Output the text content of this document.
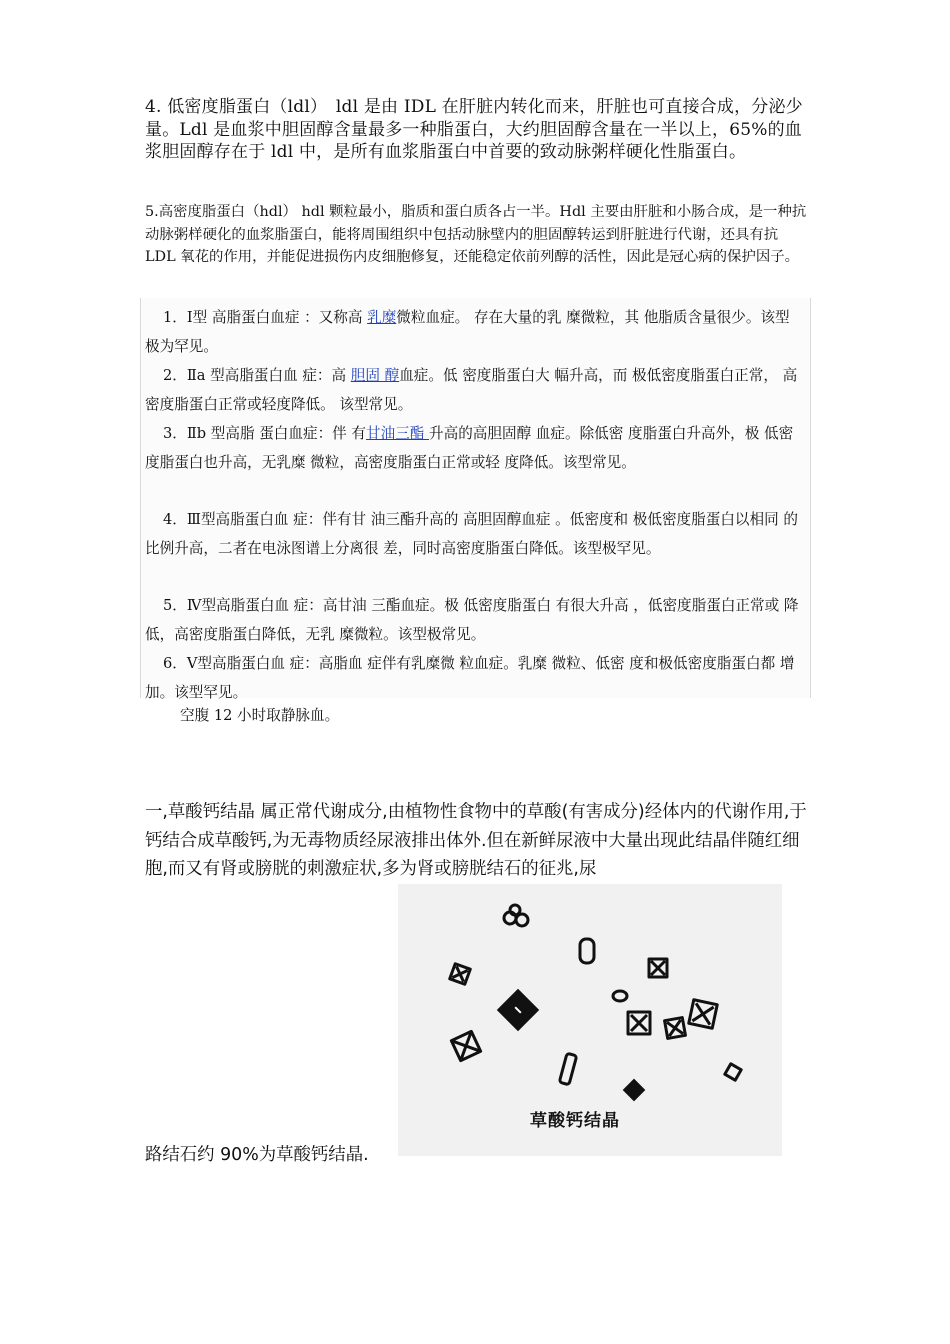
4. 低密度脂蛋白（ldl）　ldl 是由 IDL 在肝脏内转化而来，肝脏也可直接合成，分泌少量。Ldl 是血浆中胆固醇含量最多一种脂蛋白，大约胆固醇含量在一半以上，65%的血浆胆固醇存在于 ldl 中，是所有血浆脂蛋白中首要的致动脉粥样硬化性脂蛋白。
5.高密度脂蛋白（hdl） hdl 颗粒最小，脂质和蛋白质各占一半。Hdl 主要由肝脏和小肠合成，是一种抗动脉粥样硬化的血浆脂蛋白，能将周围组织中包括动脉壁内的胆固醇转运到肝脏进行代谢，还具有抗 LDL 氧花的作用，并能促进损伤内皮细胞修复，还能稳定依前列醇的活性，因此是冠心病的保护因子。
1．Ⅰ型 高脂蛋白血症 ：又称高 乳糜微粒血症。 存在大量的乳 糜微粒，其 他脂质含量很少。该型 极为罕见。
2．Ⅱa 型高脂蛋白血 症：高 胆固 醇血症。低 密度脂蛋白大 幅升高，而 极低密度脂蛋白正常， 高密度脂蛋白正常或轻度降低。 该型常见。
3．Ⅱb 型高脂 蛋白血症：伴 有甘油三酯 升高的高胆固醇 血症。除低密 度脂蛋白升高外，极 低密度脂蛋白也升高，无乳糜 微粒，高密度脂蛋白正常或轻 度降低。该型常见。
4．Ⅲ型高脂蛋白血 症：伴有甘 油三酯升高的 高胆固醇血症 。低密度和 极低密度脂蛋白以相同 的比例升高，二者在电泳图谱上分离很 差，同时高密度脂蛋白降低。该型极罕见。
5．Ⅳ型高脂蛋白血 症：高甘油 三酯血症。极 低密度脂蛋白 有很大升高 ，低密度脂蛋白正常或 降低，高密度脂蛋白降低，无乳 糜微粒。该型极常见。
6．Ⅴ型高脂蛋白血 症：高脂血 症伴有乳糜微 粒血症。乳糜 微粒、低密 度和极低密度脂蛋白都 增加。该型罕见。
空腹 12 小时取静脉血。
一,草酸钙结晶 属正常代谢成分,由植物性食物中的草酸(有害成分)经体内的代谢作用,于钙结合成草酸钙,为无毒物质经尿液排出体外.但在新鲜尿液中大量出现此结晶伴随红细胞,而又有肾或膀胱的刺激症状,多为肾或膀胱结石的征兆,尿
草酸钙结晶
路结石约 90%为草酸钙结晶.
